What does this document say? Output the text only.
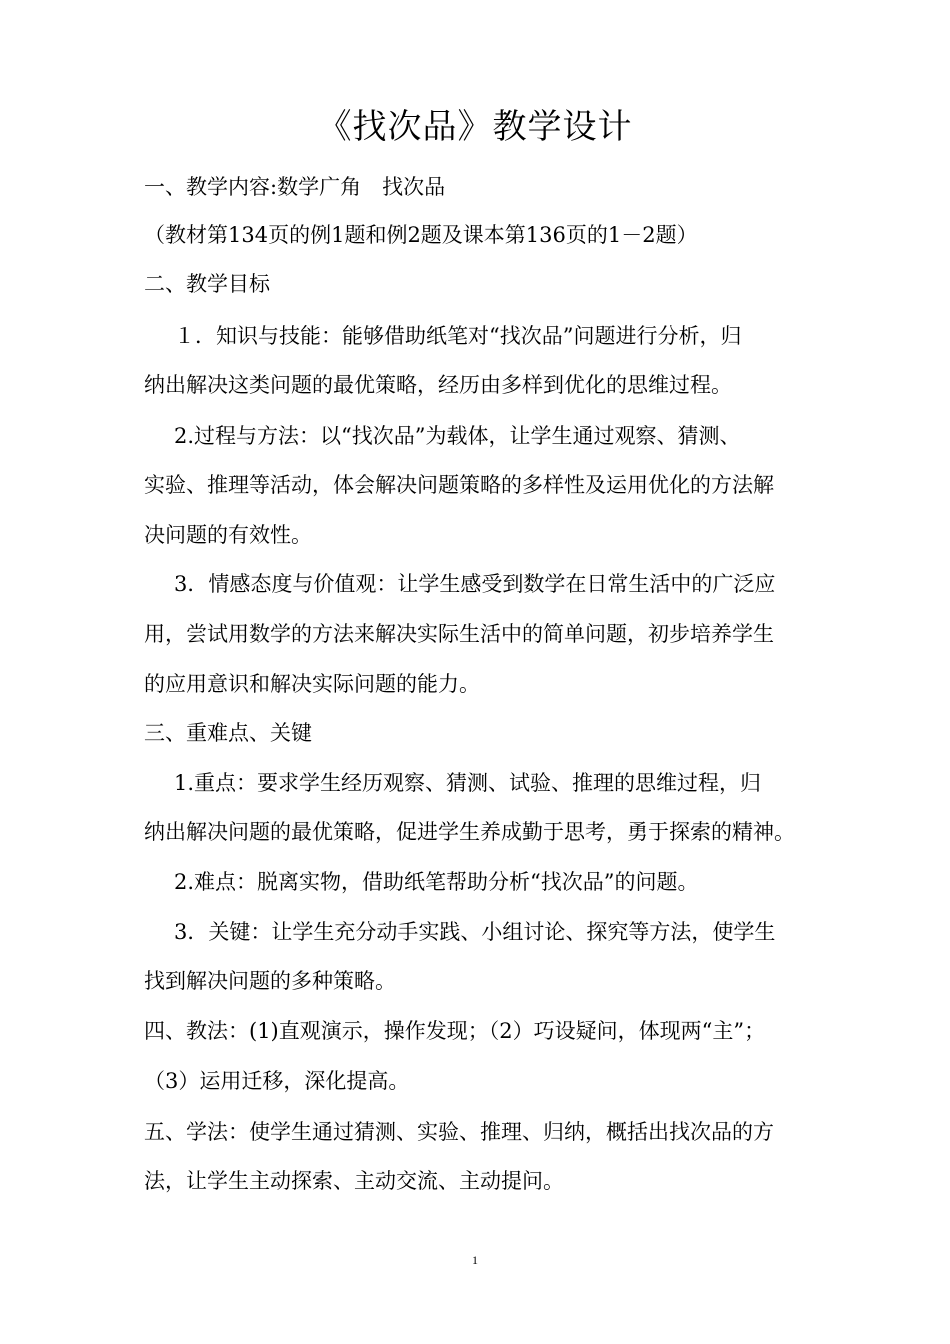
《找次品》教学设计
一、教学内容:数学广角　找次品
（教材第134页的例1题和例2题及课本第136页的1－2题）
二、教学目标
１．知识与技能：能够借助纸笔对“找次品”问题进行分析，归
纳出解决这类问题的最优策略，经历由多样到优化的思维过程。
2.过程与方法：以“找次品”为载体，让学生通过观察、猜测、
实验、推理等活动，体会解决问题策略的多样性及运用优化的方法解
决问题的有效性。
3．情感态度与价值观：让学生感受到数学在日常生活中的广泛应
用，尝试用数学的方法来解决实际生活中的简单问题，初步培养学生
的应用意识和解决实际问题的能力。
三、重难点、关键
1.重点：要求学生经历观察、猜测、试验、推理的思维过程，归
纳出解决问题的最优策略，促进学生养成勤于思考，勇于探索的精神。
2.难点：脱离实物，借助纸笔帮助分析“找次品”的问题。
3．关键：让学生充分动手实践、小组讨论、探究等方法，使学生
找到解决问题的多种策略。
四、教法：(1)直观演示，操作发现；（2）巧设疑问，体现两“主”；
（3）运用迁移，深化提高。
五、学法：使学生通过猜测、实验、推理、归纳，概括出找次品的方
法，让学生主动探索、主动交流、主动提问。
1
